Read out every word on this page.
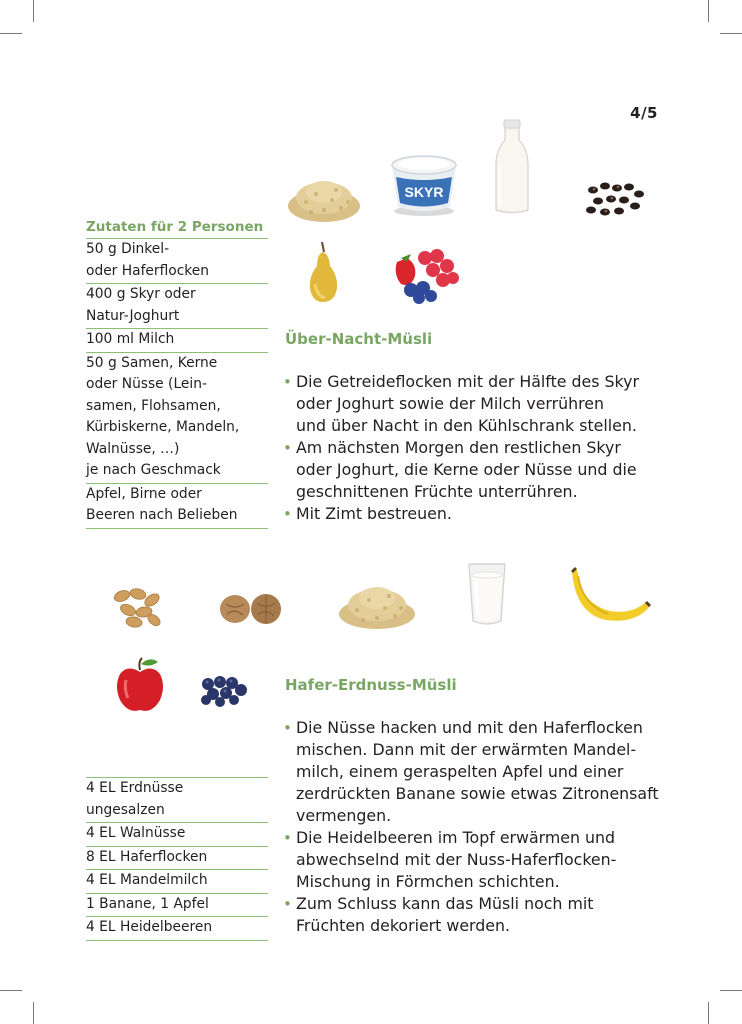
4/5
SKYR
Zutaten für 2 Personen
50 g Dinkel-
oder Haferflocken
400 g Skyr oder
Natur-Joghurt
100 ml Milch
50 g Samen, Kerne
oder Nüsse (Lein-
samen, Flohsamen,
Kürbiskerne, Mandeln,
Walnüsse, …)
je nach Geschmack
Apfel, Birne oder
Beeren nach Belieben
Über-Nacht-Müsli
• Die Getreideflocken mit der Hälfte des Skyr
oder Joghurt sowie der Milch verrühren
und über Nacht in den Kühlschrank stellen.
• Am nächsten Morgen den restlichen Skyr
oder Joghurt, die Kerne oder Nüsse und die
geschnittenen Früchte unterrühren.
• Mit Zimt bestreuen.
4 EL Erdnüsse
ungesalzen
4 EL Walnüsse
8 EL Haferflocken
4 EL Mandelmilch
1 Banane, 1 Apfel
4 EL Heidelbeeren
Hafer-Erdnuss-Müsli
• Die Nüsse hacken und mit den Haferflocken
mischen. Dann mit der erwärmten Mandel-
milch, einem geraspelten Apfel und einer
zerdrückten Banane sowie etwas Zitronensaft
vermengen.
• Die Heidelbeeren im Topf erwärmen und
abwechselnd mit der Nuss-Haferflocken-
Mischung in Förmchen schichten.
• Zum Schluss kann das Müsli noch mit
Früchten dekoriert werden.
